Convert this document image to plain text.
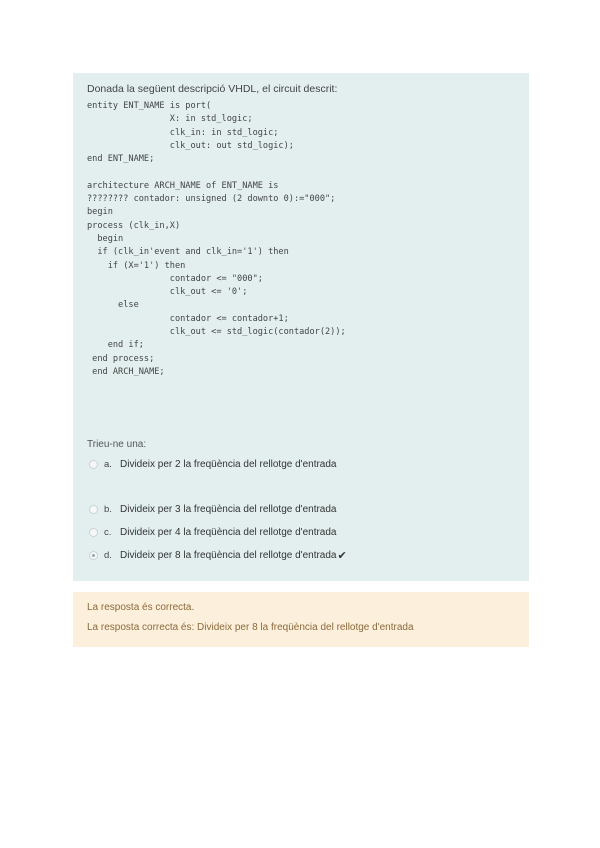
Donada la següent descripció VHDL, el circuit descrit:
entity ENT_NAME is port(
X: in std_logic;
clk_in: in std_logic;
clk_out: out std_logic);
end ENT_NAME;

architecture ARCH_NAME of ENT_NAME is
???????? contador: unsigned (2 downto 0):="000";
begin
process (clk_in,X)
begin
if (clk_in'event and clk_in='1') then
if (X='1') then
contador <= "000";
clk_out <= '0';
else
contador <= contador+1;
clk_out <= std_logic(contador(2));
end if;
end process;
end ARCH_NAME;
Trieu-ne una:
a. Divideix per 2 la freqüència del rellotge d'entrada
b. Divideix per 3 la freqüència del rellotge d'entrada
c. Divideix per 4 la freqüència del rellotge d'entrada
d. Divideix per 8 la freqüència del rellotge d'entrada ✔
La resposta és correcta.
La resposta correcta és: Divideix per 8 la freqüència del rellotge d'entrada
